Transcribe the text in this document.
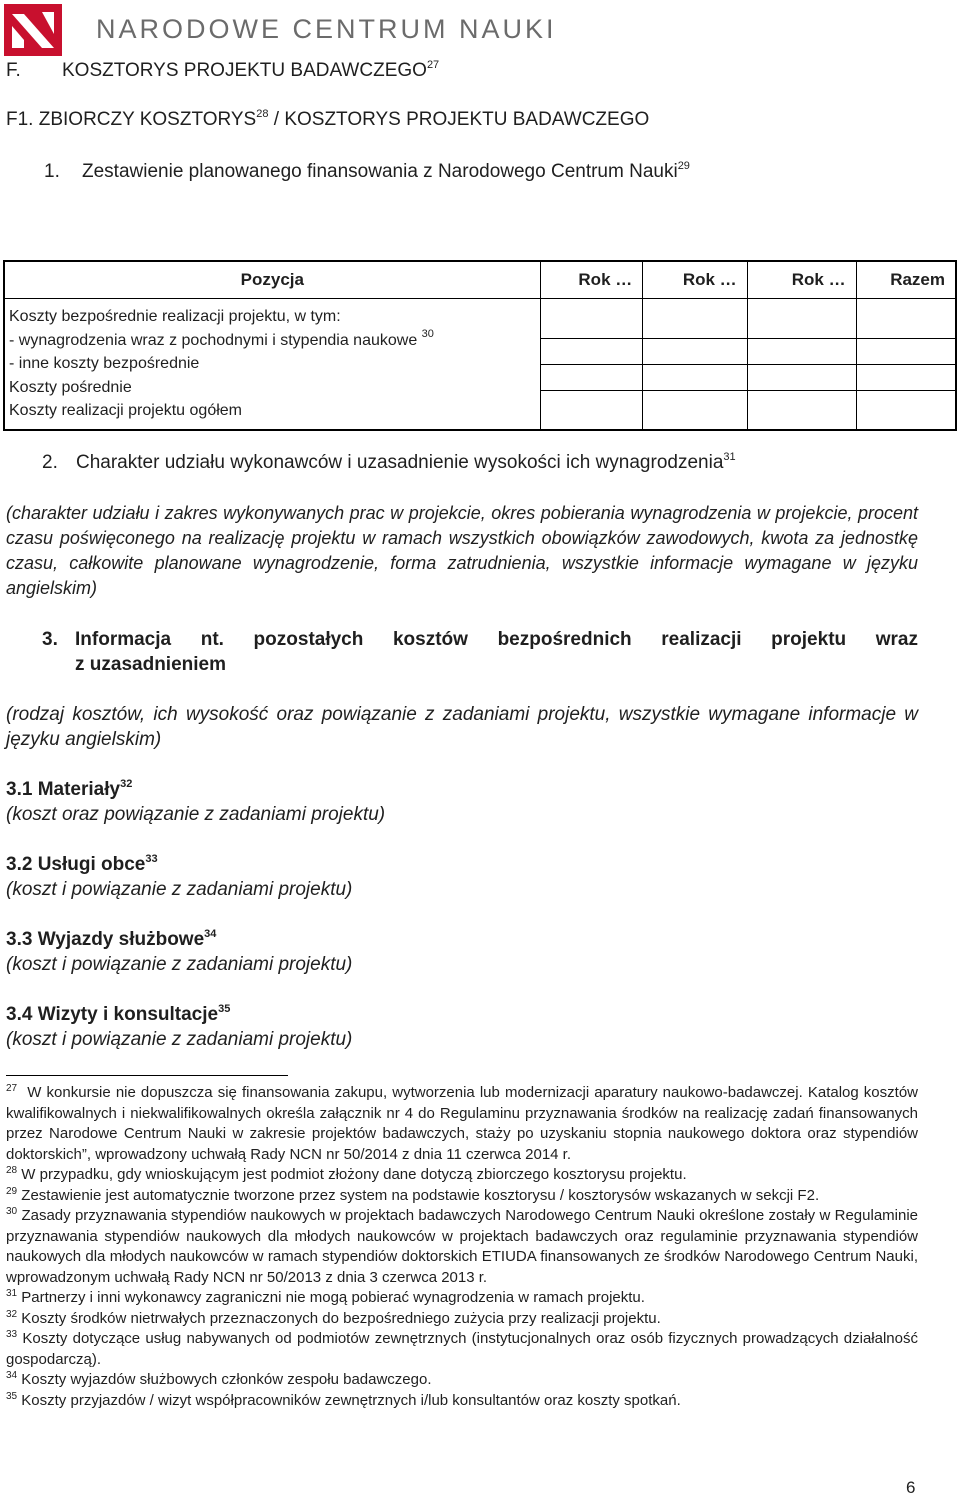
NARODOWE CENTRUM NAUKI
F. KOSZTORYS PROJEKTU BADAWCZEGO$^{27}$
F1. ZBIORCZY KOSZTORYS$^{28}$ / KOSZTORYS PROJEKTU BADAWCZEGO
1. Zestawienie planowanego finansowania z Narodowego Centrum Nauki$^{29}$
Pozycja	Rok …	Rok …	Rok …	Razem

Koszty bezpośrednie realizacji projektu, w tym:
- wynagrodzenia wraz z pochodnymi i stypendia naukowe $^{30}$
- inne koszty bezpośrednie
Koszty pośrednie
Koszty realizacji projektu ogółem				

2. Charakter udziału wykonawców i uzasadnienie wysokości ich wynagrodzenia$^{31}$
(charakter udziału i zakres wykonywanych prac w projekcie, okres pobierania wynagrodzenia w projekcie, procent czasu poświęconego na realizację projektu w ramach wszystkich obowiązków zawodowych, kwota za jednostkę czasu, całkowite planowane wynagrodzenie, forma zatrudnienia, wszystkie informacje wymagane w języku angielskim)
3. Informacja nt. pozostałych kosztów bezpośrednich realizacji projektu wraz
z uzasadnieniem
(rodzaj kosztów, ich wysokość oraz powiązanie z zadaniami projektu, wszystkie wymagane informacje w języku angielskim)
3.1 Materiały$^{32}$
(koszt oraz powiązanie z zadaniami projektu)
3.2 Usługi obce$^{33}$
(koszt i powiązanie z zadaniami projektu)
3.3 Wyjazdy służbowe$^{34}$
(koszt i powiązanie z zadaniami projektu)
3.4 Wizyty i konsultacje$^{35}$
(koszt i powiązanie z zadaniami projektu)

$^{27}$ W konkursie nie dopuszcza się finansowania zakupu, wytworzenia lub modernizacji aparatury naukowo-badawczej. Katalog kosztów kwalifikowalnych i niekwalifikowalnych określa załącznik nr 4 do Regulaminu przyznawania środków na realizację zadań finansowanych przez Narodowe Centrum Nauki w zakresie projektów badawczych, staży po uzyskaniu stopnia naukowego doktora oraz stypendiów doktorskich”, wprowadzony uchwałą Rady NCN nr 50/2014 z dnia 11 czerwca 2014 r.

$^{28}$ W przypadku, gdy wnioskującym jest podmiot złożony dane dotyczą zbiorczego kosztorysu projektu.

$^{29}$ Zestawienie jest automatycznie tworzone przez system na podstawie kosztorysu / kosztorysów wskazanych w sekcji F2.

$^{30}$ Zasady przyznawania stypendiów naukowych w projektach badawczych Narodowego Centrum Nauki określone zostały w Regulaminie przyznawania stypendiów naukowych dla młodych naukowców w projektach badawczych oraz regulaminie przyznawania stypendiów naukowych dla młodych naukowców w ramach stypendiów doktorskich ETIUDA finansowanych ze środków Narodowego Centrum Nauki, wprowadzonym uchwałą Rady NCN nr 50/2013 z dnia 3 czerwca 2013 r.

$^{31}$ Partnerzy i inni wykonawcy zagraniczni nie mogą pobierać wynagrodzenia w ramach projektu.

$^{32}$ Koszty środków nietrwałych przeznaczonych do bezpośredniego zużycia przy realizacji projektu.

$^{33}$ Koszty dotyczące usług nabywanych od podmiotów zewnętrznych (instytucjonalnych oraz osób fizycznych prowadzących działalność gospodarczą).

$^{34}$ Koszty wyjazdów służbowych członków zespołu badawczego.

$^{35}$ Koszty przyjazdów / wizyt współpracowników zewnętrznych i/lub konsultantów oraz koszty spotkań.

6
